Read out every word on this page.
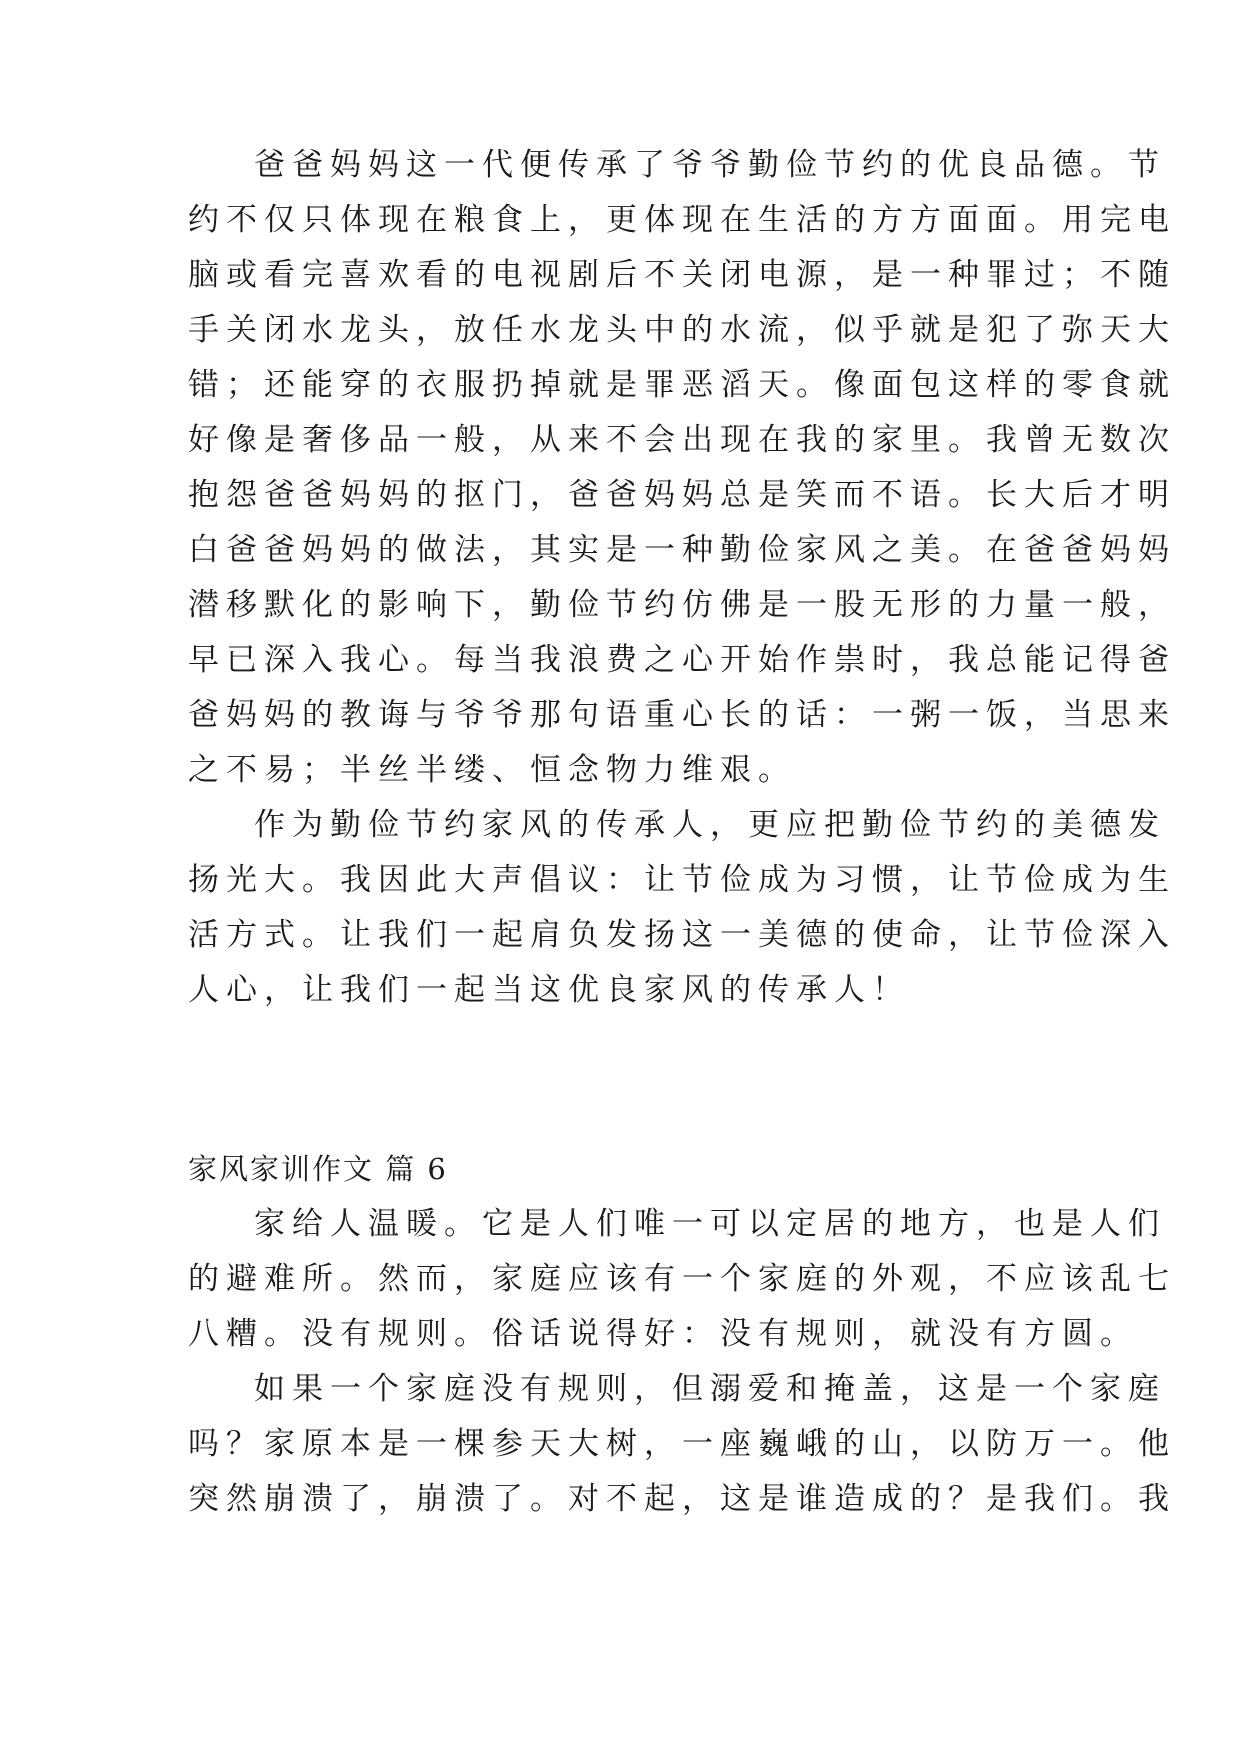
爸爸妈妈这一代便传承了爷爷勤俭节约的优良品德。节
约不仅只体现在粮食上，更体现在生活的方方面面。用完电
脑或看完喜欢看的电视剧后不关闭电源，是一种罪过；不随
手关闭水龙头，放任水龙头中的水流，似乎就是犯了弥天大
错；还能穿的衣服扔掉就是罪恶滔天。像面包这样的零食就
好像是奢侈品一般，从来不会出现在我的家里。我曾无数次
抱怨爸爸妈妈的抠门，爸爸妈妈总是笑而不语。长大后才明
白爸爸妈妈的做法，其实是一种勤俭家风之美。在爸爸妈妈
潜移默化的影响下，勤俭节约仿佛是一股无形的力量一般，
早已深入我心。每当我浪费之心开始作祟时，我总能记得爸
爸妈妈的教诲与爷爷那句语重心长的话：一粥一饭，当思来
之不易；半丝半缕、恒念物力维艰。
作为勤俭节约家风的传承人，更应把勤俭节约的美德发
扬光大。我因此大声倡议：让节俭成为习惯，让节俭成为生
活方式。让我们一起肩负发扬这一美德的使命，让节俭深入
人心，让我们一起当这优良家风的传承人！
家风家训作文 篇 6
家给人温暖。它是人们唯一可以定居的地方，也是人们
的避难所。然而，家庭应该有一个家庭的外观，不应该乱七
八糟。没有规则。俗话说得好：没有规则，就没有方圆。
如果一个家庭没有规则，但溺爱和掩盖，这是一个家庭
吗？家原本是一棵参天大树，一座巍峨的山，以防万一。他
突然崩溃了，崩溃了。对不起，这是谁造成的？是我们。我
